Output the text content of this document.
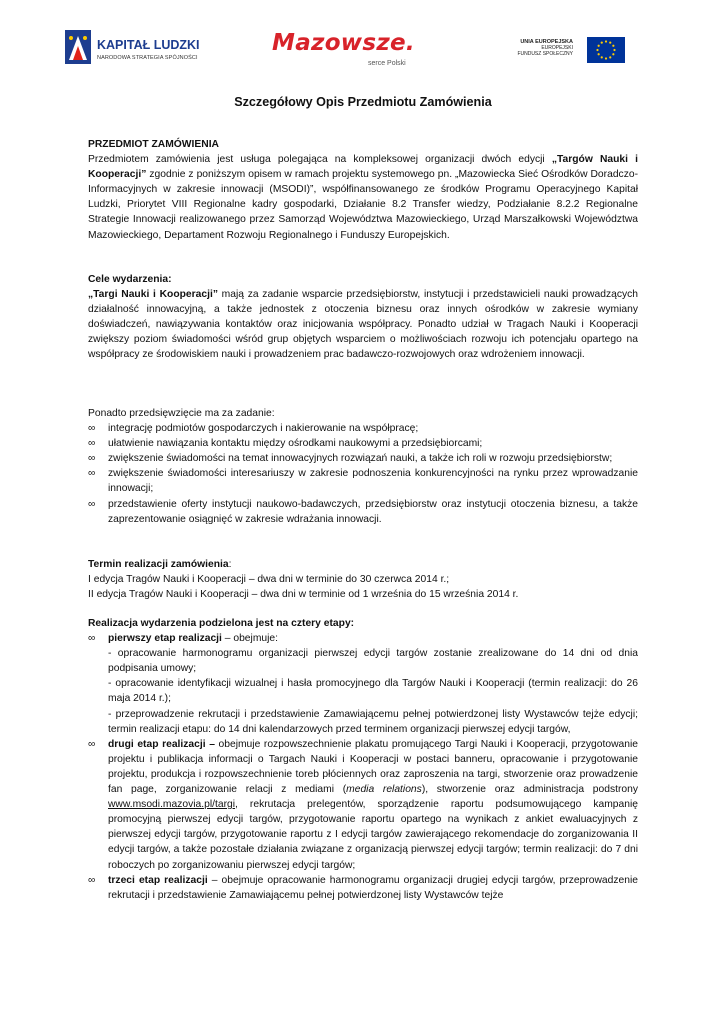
KAPITAŁ LUDZKI
NARODOWA STRATEGIA SPÓJNOŚCI
Mazowsze.
serce Polski
UNIA EUROPEJSKA
EUROPEJSKI
FUNDUSZ SPOŁECZNY
Szczegółowy Opis Przedmiotu Zamówienia

PRZEDMIOT ZAMÓWIENIA

Przedmiotem zamówienia jest usługa polegająca na kompleksowej organizacji dwóch edycji „Targów Nauki i Kooperacji” zgodnie z poniższym opisem w ramach projektu systemowego pn. „Mazowiecka Sieć Ośrodków Doradczo-Informacyjnych w zakresie innowacji (MSODI)”, współfinansowanego ze środków Programu Operacyjnego Kapitał Ludzki, Priorytet VIII Regionalne kadry gospodarki, Działanie 8.2 Transfer wiedzy, Podziałanie 8.2.2 Regionalne Strategie Innowacji realizowanego przez Samorząd Województwa Mazowieckiego, Urząd Marszałkowski Województwa Mazowieckiego, Departament Rozwoju Regionalnego i Funduszy Europejskich.

Cele wydarzenia:

„Targi Nauki i Kooperacji” mają za zadanie wsparcie przedsiębiorstw, instytucji i przedstawicieli nauki prowadzących działalność innowacyjną, a także jednostek z otoczenia biznesu oraz innych ośrodków w zakresie wymiany doświadczeń, nawiązywania kontaktów oraz inicjowania współpracy. Ponadto udział w Tragach Nauki i Kooperacji zwiększy poziom świadomości wśród grup objętych wsparciem o możliwościach rozwoju ich potencjału opartego na współpracy ze środowiskiem nauki i prowadzeniem prac badawczo-rozwojowych oraz wdrożeniem innowacji.

Ponadto przedsięwzięcie ma za zadanie:

∞ integrację podmiotów gospodarczych i nakierowanie na współpracę;
∞ ułatwienie nawiązania kontaktu między ośrodkami naukowymi a przedsiębiorcami;
∞ zwiększenie świadomości na temat innowacyjnych rozwiązań nauki, a także ich roli w rozwoju przedsiębiorstw;
∞ zwiększenie świadomości interesariuszy w zakresie podnoszenia konkurencyjności na rynku przez wprowadzanie innowacji;
∞ przedstawienie oferty instytucji naukowo-badawczych, przedsiębiorstw oraz instytucji otoczenia biznesu, a także zaprezentowanie osiągnięć w zakresie wdrażania innowacji.

Termin realizacji zamówienia:

I edycja Tragów Nauki i Kooperacji – dwa dni w terminie do 30 czerwca 2014 r.;

II edycja Tragów Nauki i Kooperacji – dwa dni w terminie od 1 września do 15 września 2014 r.

Realizacja wydarzenia podzielona jest na cztery etapy:

∞ pierwszy etap realizacji – obejmuje:

- opracowanie harmonogramu organizacji pierwszej edycji targów zostanie zrealizowane do 14 dni od dnia podpisania umowy;

- opracowanie identyfikacji wizualnej i hasła promocyjnego dla Targów Nauki i Kooperacji (termin realizacji: do 26 maja 2014 r.);

- przeprowadzenie rekrutacji i przedstawienie Zamawiającemu pełnej potwierdzonej listy Wystawców tejże edycji; termin realizacji etapu: do 14 dni kalendarzowych przed terminem organizacji pierwszej edycji targów,

∞ drugi etap realizacji – obejmuje rozpowszechnienie plakatu promującego Targi Nauki i Kooperacji, przygotowanie projektu i publikacja informacji o Targach Nauki i Kooperacji w postaci banneru, opracowanie i przygotowanie projektu, produkcja i rozpowszechnienie toreb płóciennych oraz zaproszenia na targi, stworzenie oraz prowadzenie fan page, zorganizowanie relacji z mediami (media relations), stworzenie oraz administracja podstrony www.msodi.mazovia.pl/targi, rekrutacja prelegentów, sporządzenie raportu podsumowującego kampanię promocyjną pierwszej edycji targów, przygotowanie raportu opartego na wynikach z ankiet ewaluacyjnych z pierwszej edycji targów, przygotowanie raportu z I edycji targów zawierającego rekomendacje do zorganizowania II edycji targów, a także pozostałe działania związane z organizacją pierwszej edycji targów; termin realizacji: do 7 dni roboczych po zorganizowaniu pierwszej edycji targów;
∞ trzeci etap realizacji – obejmuje opracowanie harmonogramu organizacji drugiej edycji targów, przeprowadzenie rekrutacji i przedstawienie Zamawiającemu pełnej potwierdzonej listy Wystawców tejże
